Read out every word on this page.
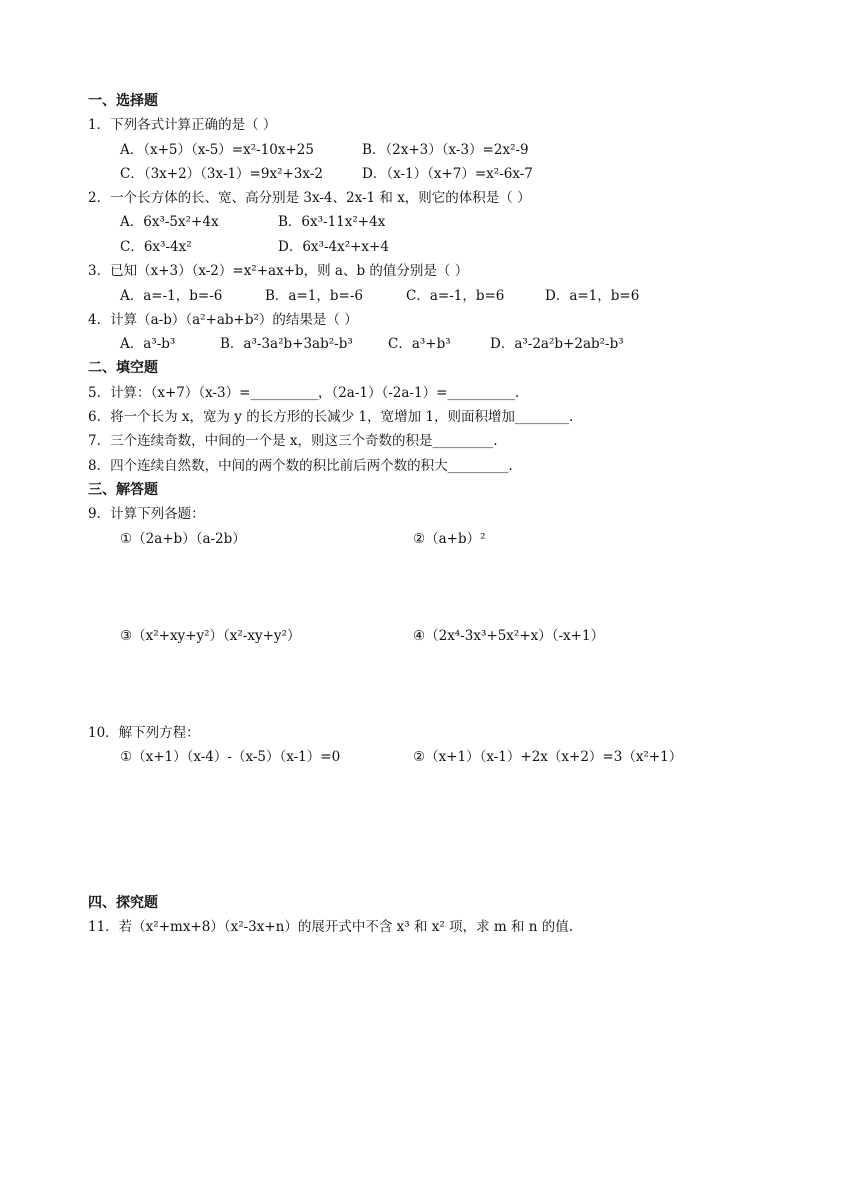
一、选择题
1．下列各式计算正确的是（ ）
A．（x+5）（x-5）=x²-10x+25	B．（2x+3）（x-3）=2x²-9
C．（3x+2）（3x-1）=9x²+3x-2	D．（x-1）（x+7）=x²-6x-7
2．一个长方体的长、宽、高分别是 3x-4、2x-1 和 x，则它的体积是（ ）
A．6x³-5x²+4x	B．6x³-11x²+4x
C．6x³-4x²	D．6x³-4x²+x+4
3．已知（x+3）（x-2）=x²+ax+b，则 a、b 的值分别是（ ）
A．a=-1，b=-6	B．a=1，b=-6	C．a=-1，b=6	D．a=1，b=6
4．计算（a-b）（a²+ab+b²）的结果是（ ）
A．a³-b³	B．a³-3a²b+3ab²-b³	C．a³+b³	D．a³-2a²b+2ab²-b³
二、填空题
5．计算：（x+7）（x-3）=__________，（2a-1）（-2a-1）=__________.
6．将一个长为 x，宽为 y 的长方形的长减少 1，宽增加 1，则面积增加________.
7．三个连续奇数，中间的一个是 x，则这三个奇数的积是_________.
8．四个连续自然数，中间的两个数的积比前后两个数的积大_________.
三、解答题
9．计算下列各题：
①（2a+b）（a-2b）	②（a+b）²
③（x²+xy+y²）（x²-xy+y²）	④（2x⁴-3x³+5x²+x）（-x+1）
10．解下列方程：
①（x+1）（x-4）-（x-5）（x-1）=0	②（x+1）（x-1）+2x（x+2）=3（x²+1）
四、探究题
11．若（x²+mx+8）（x²-3x+n）的展开式中不含 x³ 和 x² 项，求 m 和 n 的值.
